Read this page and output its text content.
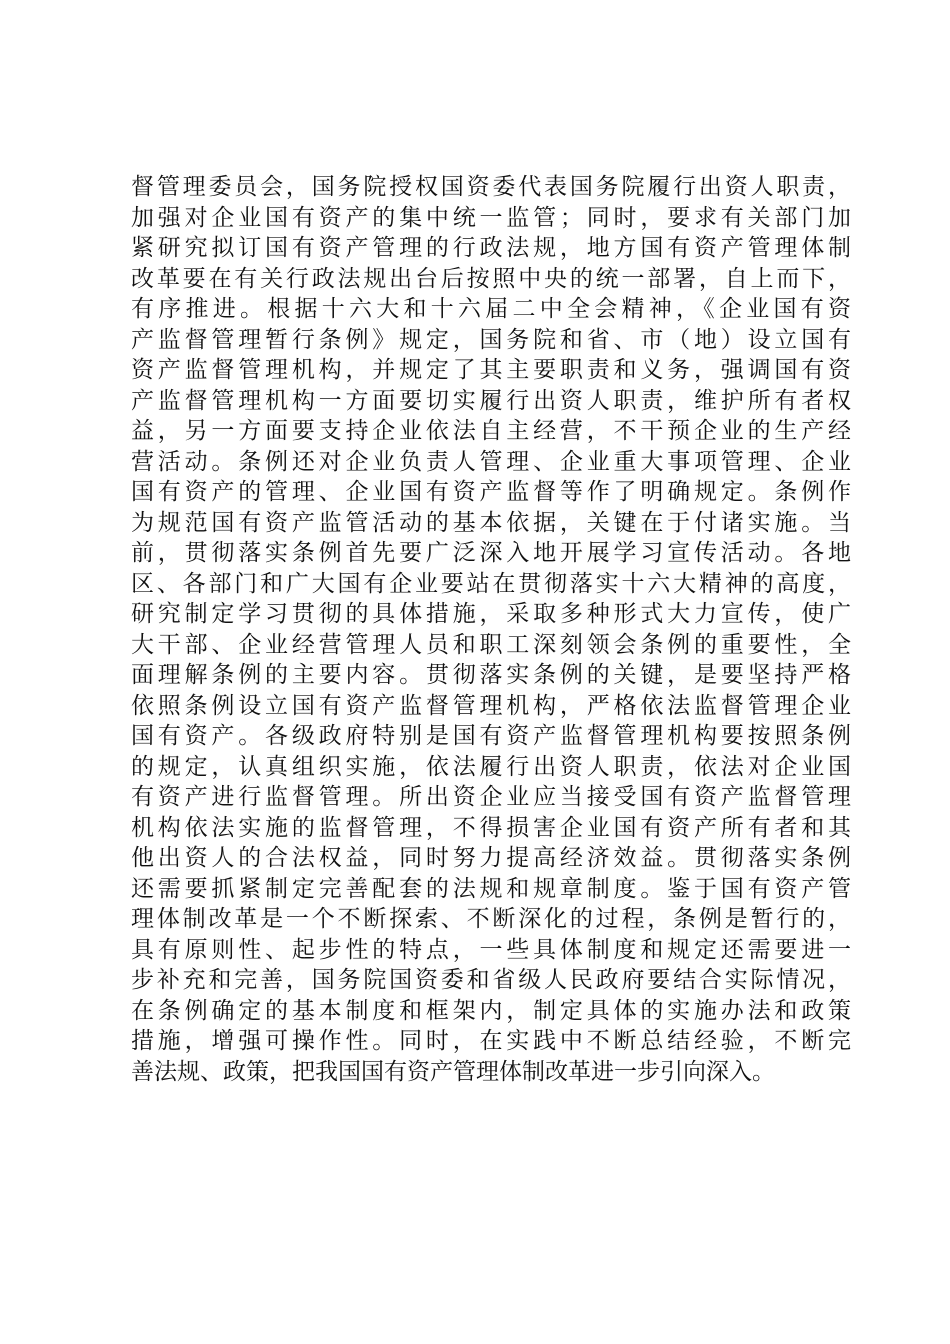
督管理委员会，国务院授权国资委代表国务院履行出资人职责，
加强对企业国有资产的集中统一监管；同时，要求有关部门加
紧研究拟订国有资产管理的行政法规，地方国有资产管理体制
改革要在有关行政法规出台后按照中央的统一部署，自上而下，
有序推进。根据十六大和十六届二中全会精神，《企业国有资
产监督管理暂行条例》规定，国务院和省、市（地）设立国有
资产监督管理机构，并规定了其主要职责和义务，强调国有资
产监督管理机构一方面要切实履行出资人职责，维护所有者权
益，另一方面要支持企业依法自主经营，不干预企业的生产经
营活动。条例还对企业负责人管理、企业重大事项管理、企业
国有资产的管理、企业国有资产监督等作了明确规定。条例作
为规范国有资产监管活动的基本依据，关键在于付诸实施。当
前，贯彻落实条例首先要广泛深入地开展学习宣传活动。各地
区、各部门和广大国有企业要站在贯彻落实十六大精神的高度，
研究制定学习贯彻的具体措施，采取多种形式大力宣传，使广
大干部、企业经营管理人员和职工深刻领会条例的重要性，全
面理解条例的主要内容。贯彻落实条例的关键，是要坚持严格
依照条例设立国有资产监督管理机构，严格依法监督管理企业
国有资产。各级政府特别是国有资产监督管理机构要按照条例
的规定，认真组织实施，依法履行出资人职责，依法对企业国
有资产进行监督管理。所出资企业应当接受国有资产监督管理
机构依法实施的监督管理，不得损害企业国有资产所有者和其
他出资人的合法权益，同时努力提高经济效益。贯彻落实条例
还需要抓紧制定完善配套的法规和规章制度。鉴于国有资产管
理体制改革是一个不断探索、不断深化的过程，条例是暂行的，
具有原则性、起步性的特点，一些具体制度和规定还需要进一
步补充和完善，国务院国资委和省级人民政府要结合实际情况，
在条例确定的基本制度和框架内，制定具体的实施办法和政策
措施，增强可操作性。同时，在实践中不断总结经验，不断完
善法规、政策，把我国国有资产管理体制改革进一步引向深入。
